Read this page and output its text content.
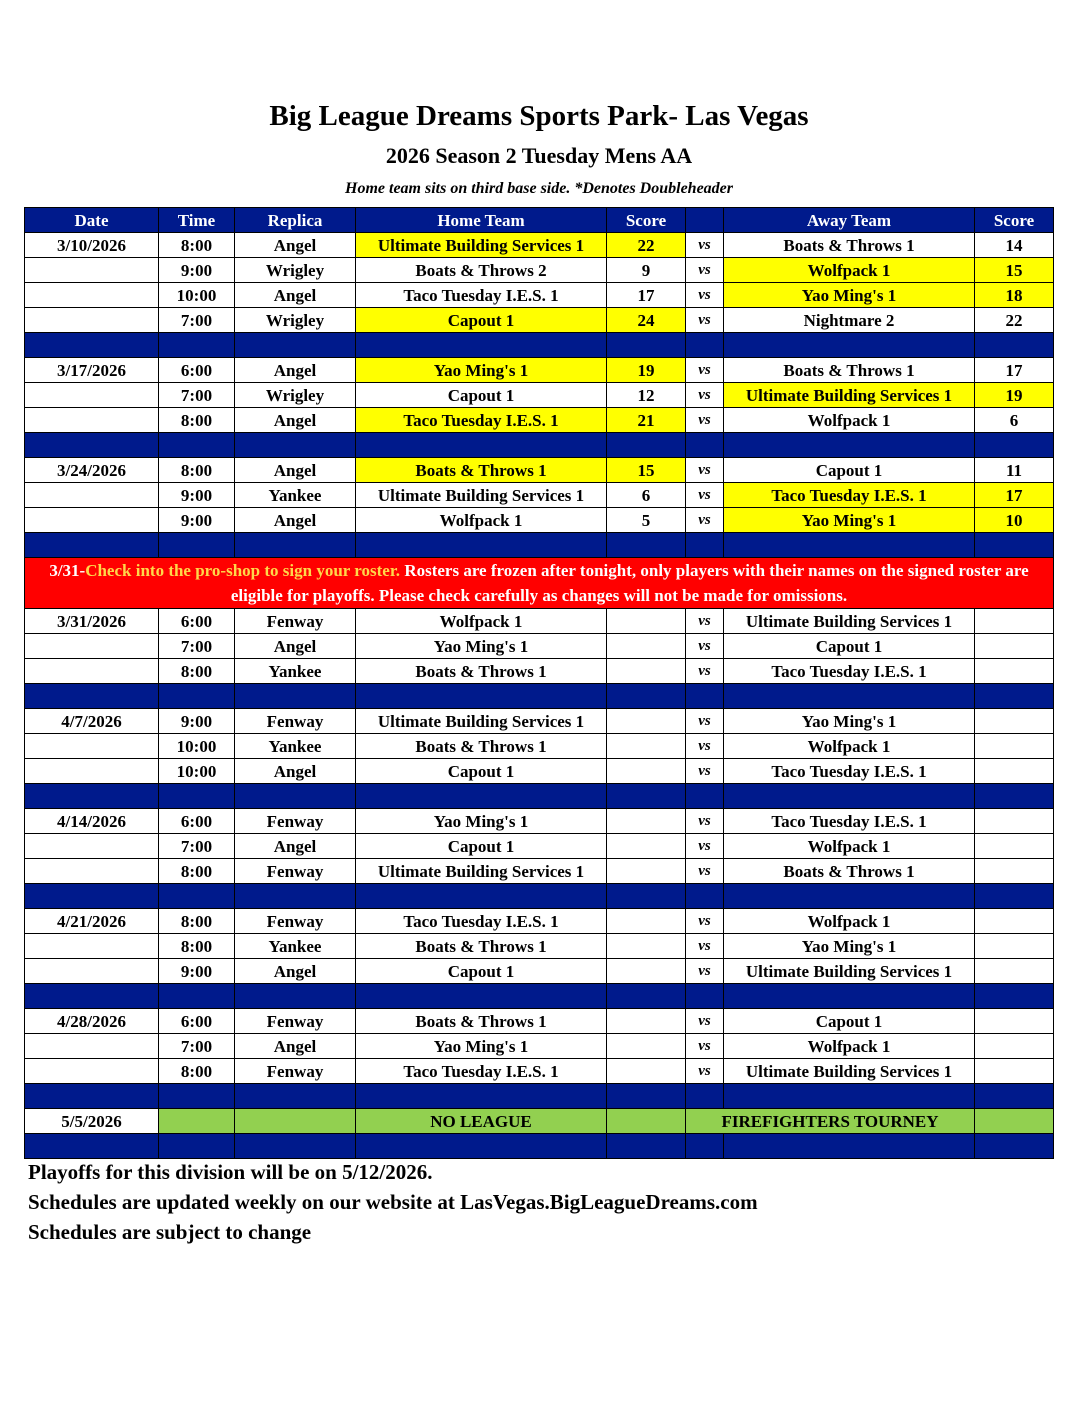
Big League Dreams Sports Park- Las Vegas
2026 Season 2 Tuesday Mens AA
Home team sits on third base side. *Denotes Doubleheader
Date	Time	Replica	Home Team	Score		Away Team	Score
3/10/2026	8:00	Angel	Ultimate Building Services 1	22	vs	Boats & Throws 1	14
	9:00	Wrigley	Boats & Throws 2	9	vs	Wolfpack 1	15
	10:00	Angel	Taco Tuesday I.E.S. 1	17	vs	Yao Ming's 1	18
	7:00	Wrigley	Capout 1	24	vs	Nightmare 2	22

3/17/2026	6:00	Angel	Yao Ming's 1	19	vs	Boats & Throws 1	17
	7:00	Wrigley	Capout 1	12	vs	Ultimate Building Services 1	19
	8:00	Angel	Taco Tuesday I.E.S. 1	21	vs	Wolfpack 1	6

3/24/2026	8:00	Angel	Boats & Throws 1	15	vs	Capout 1	11
	9:00	Yankee	Ultimate Building Services 1	6	vs	Taco Tuesday I.E.S. 1	17
	9:00	Angel	Wolfpack 1	5	vs	Yao Ming's 1	10

3/31-Check into the pro-shop to sign your roster. Rosters are frozen after tonight, only players with their names on the signed roster are eligible for playoffs. Please check carefully as changes will not be made for omissions.							
3/31/2026	6:00	Fenway	Wolfpack 1		vs	Ultimate Building Services 1	
	7:00	Angel	Yao Ming's 1		vs	Capout 1	
	8:00	Yankee	Boats & Throws 1		vs	Taco Tuesday I.E.S. 1	

4/7/2026	9:00	Fenway	Ultimate Building Services 1		vs	Yao Ming's 1	
	10:00	Yankee	Boats & Throws 1		vs	Wolfpack 1	
	10:00	Angel	Capout 1		vs	Taco Tuesday I.E.S. 1	

4/14/2026	6:00	Fenway	Yao Ming's 1		vs	Taco Tuesday I.E.S. 1	
	7:00	Angel	Capout 1		vs	Wolfpack 1	
	8:00	Fenway	Ultimate Building Services 1		vs	Boats & Throws 1	

4/21/2026	8:00	Fenway	Taco Tuesday I.E.S. 1		vs	Wolfpack 1	
	8:00	Yankee	Boats & Throws 1		vs	Yao Ming's 1	
	9:00	Angel	Capout 1		vs	Ultimate Building Services 1	

4/28/2026	6:00	Fenway	Boats & Throws 1		vs	Capout 1	
	7:00	Angel	Yao Ming's 1		vs	Wolfpack 1	
	8:00	Fenway	Taco Tuesday I.E.S. 1		vs	Ultimate Building Services 1	

5/5/2026			NO LEAGUE		FIREFIGHTERS TOURNEY		

Playoffs for this division will be on 5/12/2026.
Schedules are updated weekly on our website at LasVegas.BigLeagueDreams.com
Schedules are subject to change
